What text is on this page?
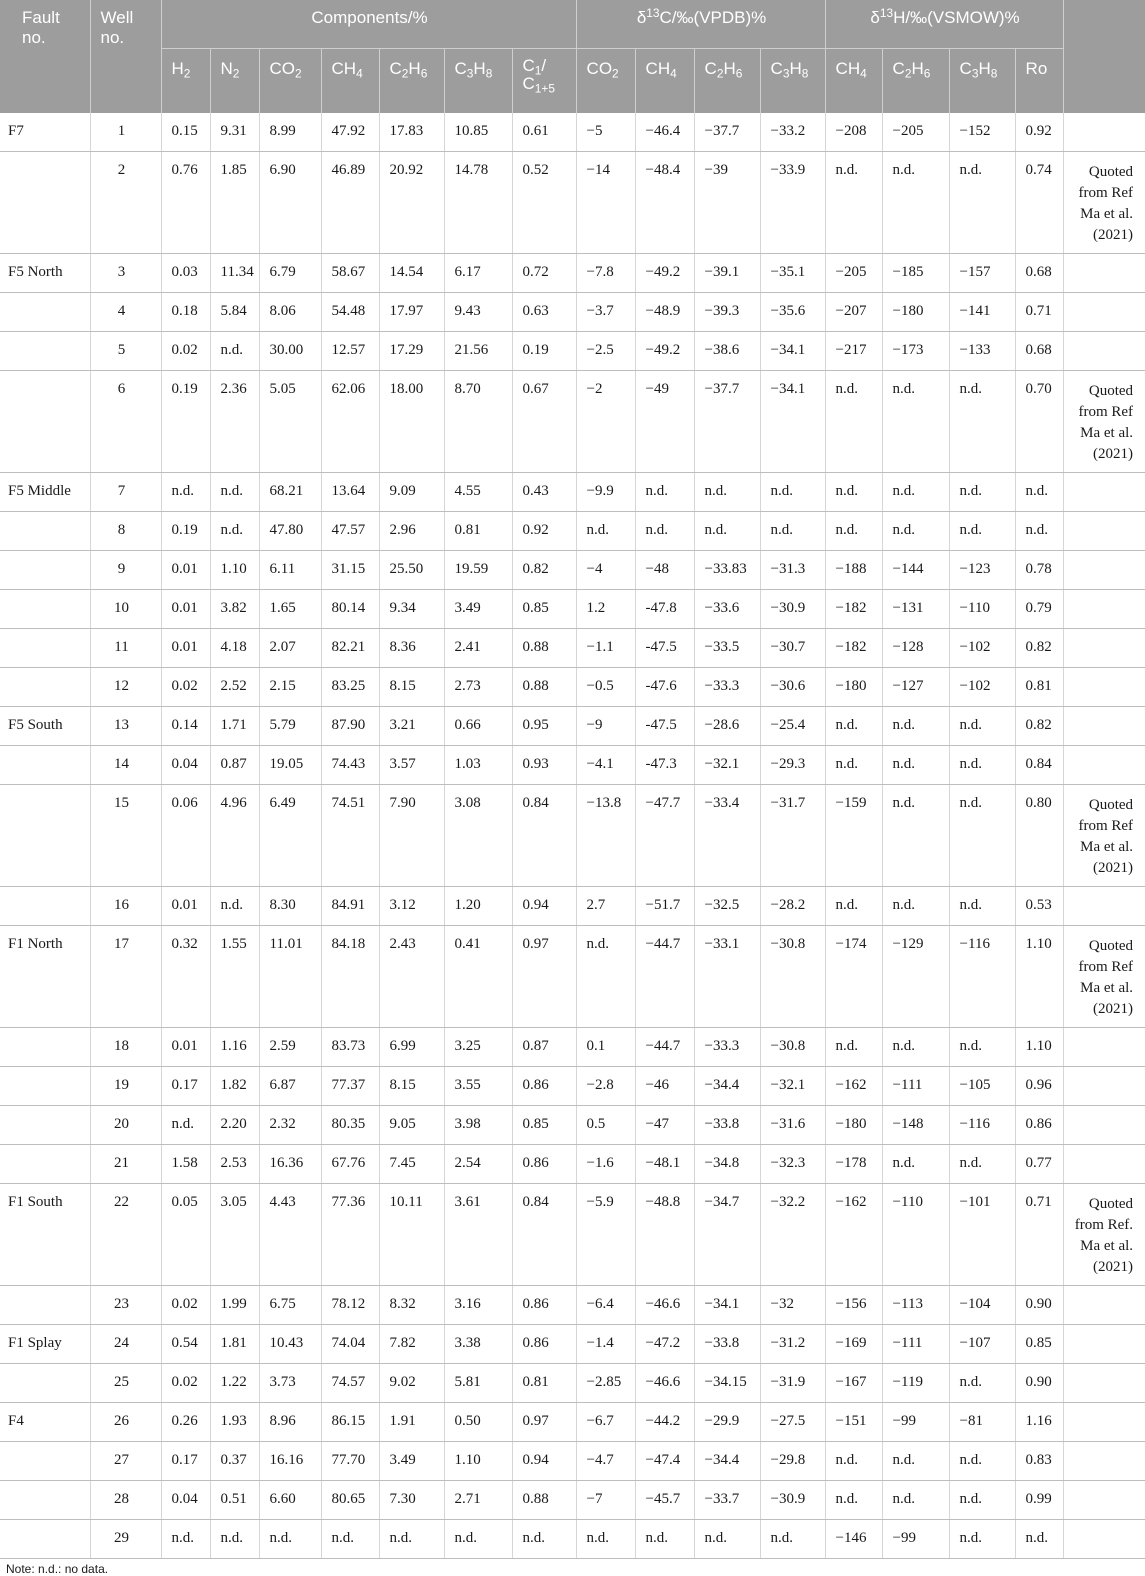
Fault no.	Well no.	Components/%							$\delta^{13}C/‰(VPDB)\%$				$\delta^{13}H/‰(VSMOW)\%$				
		$H_2$	$N_2$	$CO_2$	$CH_4$	$C_2H_6$	$C_3H_8$	$C_1/$
$C_{1+5}$	$CO_2$	$CH_4$	$C_2H_6$	$C_3H_8$	$CH_4$	$C_2H_6$	$C_3H_8$	Ro	
F7	1	0.15	9.31	8.99	47.92	17.83	10.85	0.61	−5	−46.4	−37.7	−33.2	−208	−205	−152	0.92	
	2	0.76	1.85	6.90	46.89	20.92	14.78	0.52	−14	−48.4	−39	−33.9	n.d.	n.d.	n.d.	0.74	Quoted from Ref Ma et al. (2021)
F5 North	3	0.03	11.34	6.79	58.67	14.54	6.17	0.72	−7.8	−49.2	−39.1	−35.1	−205	−185	−157	0.68	
	4	0.18	5.84	8.06	54.48	17.97	9.43	0.63	−3.7	−48.9	−39.3	−35.6	−207	−180	−141	0.71	
	5	0.02	n.d.	30.00	12.57	17.29	21.56	0.19	−2.5	−49.2	−38.6	−34.1	−217	−173	−133	0.68	
	6	0.19	2.36	5.05	62.06	18.00	8.70	0.67	−2	−49	−37.7	−34.1	n.d.	n.d.	n.d.	0.70	Quoted from Ref Ma et al. (2021)
F5 Middle	7	n.d.	n.d.	68.21	13.64	9.09	4.55	0.43	−9.9	n.d.	n.d.	n.d.	n.d.	n.d.	n.d.	n.d.	
	8	0.19	n.d.	47.80	47.57	2.96	0.81	0.92	n.d.	n.d.	n.d.	n.d.	n.d.	n.d.	n.d.	n.d.	
	9	0.01	1.10	6.11	31.15	25.50	19.59	0.82	−4	−48	−33.83	−31.3	−188	−144	−123	0.78	
	10	0.01	3.82	1.65	80.14	9.34	3.49	0.85	1.2	-47.8	−33.6	−30.9	−182	−131	−110	0.79	
	11	0.01	4.18	2.07	82.21	8.36	2.41	0.88	−1.1	-47.5	−33.5	−30.7	−182	−128	−102	0.82	
	12	0.02	2.52	2.15	83.25	8.15	2.73	0.88	−0.5	-47.6	−33.3	−30.6	−180	−127	−102	0.81	
F5 South	13	0.14	1.71	5.79	87.90	3.21	0.66	0.95	−9	-47.5	−28.6	−25.4	n.d.	n.d.	n.d.	0.82	
	14	0.04	0.87	19.05	74.43	3.57	1.03	0.93	−4.1	-47.3	−32.1	−29.3	n.d.	n.d.	n.d.	0.84	
	15	0.06	4.96	6.49	74.51	7.90	3.08	0.84	−13.8	−47.7	−33.4	−31.7	−159	n.d.	n.d.	0.80	Quoted from Ref Ma et al. (2021)
	16	0.01	n.d.	8.30	84.91	3.12	1.20	0.94	2.7	−51.7	−32.5	−28.2	n.d.	n.d.	n.d.	0.53	
F1 North	17	0.32	1.55	11.01	84.18	2.43	0.41	0.97	n.d.	−44.7	−33.1	−30.8	−174	−129	−116	1.10	Quoted from Ref Ma et al. (2021)
	18	0.01	1.16	2.59	83.73	6.99	3.25	0.87	0.1	−44.7	−33.3	−30.8	n.d.	n.d.	n.d.	1.10	
	19	0.17	1.82	6.87	77.37	8.15	3.55	0.86	−2.8	−46	−34.4	−32.1	−162	−111	−105	0.96	
	20	n.d.	2.20	2.32	80.35	9.05	3.98	0.85	0.5	−47	−33.8	−31.6	−180	−148	−116	0.86	
	21	1.58	2.53	16.36	67.76	7.45	2.54	0.86	−1.6	−48.1	−34.8	−32.3	−178	n.d.	n.d.	0.77	
F1 South	22	0.05	3.05	4.43	77.36	10.11	3.61	0.84	−5.9	−48.8	−34.7	−32.2	−162	−110	−101	0.71	Quoted from Ref. Ma et al. (2021)
	23	0.02	1.99	6.75	78.12	8.32	3.16	0.86	−6.4	−46.6	−34.1	−32	−156	−113	−104	0.90	
F1 Splay	24	0.54	1.81	10.43	74.04	7.82	3.38	0.86	−1.4	−47.2	−33.8	−31.2	−169	−111	−107	0.85	
	25	0.02	1.22	3.73	74.57	9.02	5.81	0.81	−2.85	−46.6	−34.15	−31.9	−167	−119	n.d.	0.90	
F4	26	0.26	1.93	8.96	86.15	1.91	0.50	0.97	−6.7	−44.2	−29.9	−27.5	−151	−99	−81	1.16	
	27	0.17	0.37	16.16	77.70	3.49	1.10	0.94	−4.7	−47.4	−34.4	−29.8	n.d.	n.d.	n.d.	0.83	
	28	0.04	0.51	6.60	80.65	7.30	2.71	0.88	−7	−45.7	−33.7	−30.9	n.d.	n.d.	n.d.	0.99	
	29	n.d.	n.d.	n.d.	n.d.	n.d.	n.d.	n.d.	n.d.	n.d.	n.d.	n.d.	−146	−99	n.d.	n.d.	
Note: n.d.: no data.
